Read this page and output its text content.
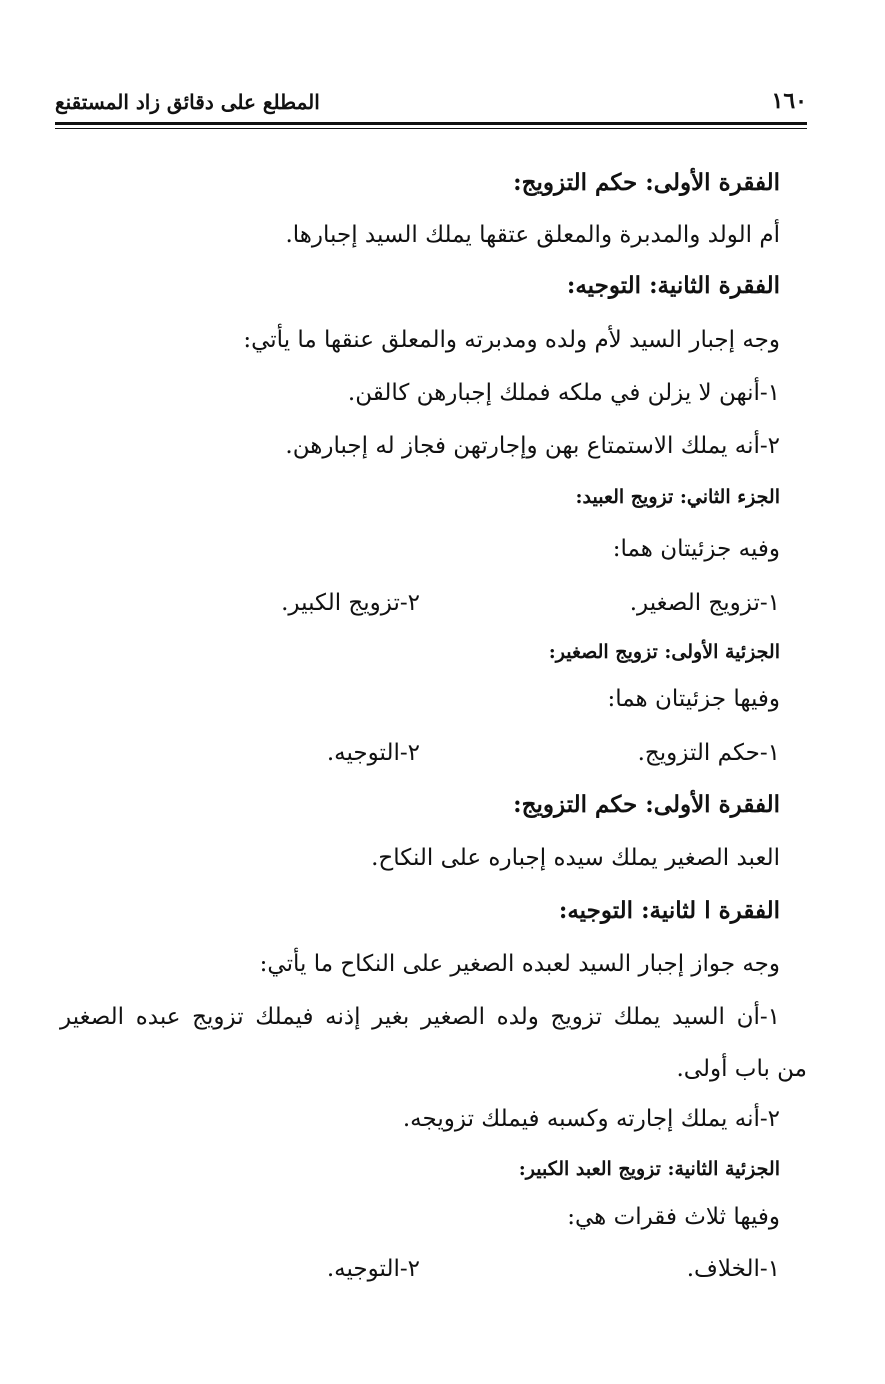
١٦٠
المطلع على دقائق زاد المستقنع
الفقرة الأولى: حكم التزويج:
أم الولد والمدبرة والمعلق عتقها يملك السيد إجبارها.
الفقرة الثانية: التوجيه:
وجه إجبار السيد لأم ولده ومدبرته والمعلق عنقها ما يأتي:
١-أنهن لا يزلن في ملكه فملك إجبارهن كالقن.
٢-أنه يملك الاستمتاع بهن وإجارتهن فجاز له إجبارهن.
الجزء الثاني: تزويج العبيد:
وفيه جزئيتان هما:
١-تزويج الصغير.
٢-تزويج الكبير.
الجزئية الأولى: تزويج الصغير:
وفيها جزئيتان هما:
١-حكم التزويج.
٢-التوجيه.
الفقرة الأولى: حكم التزويج:
العبد الصغير يملك سيده إجباره على النكاح.
الفقرة ا لثانية: التوجيه:
وجه جواز إجبار السيد لعبده الصغير على النكاح ما يأتي:
١-أن السيد يملك تزويج ولده الصغير بغير إذنه فيملك تزويج عبده الصغير
من باب أولى.
٢-أنه يملك إجارته وكسبه فيملك تزويجه.
الجزئية الثانية: تزويج العبد الكبير:
وفيها ثلاث فقرات هي:
١-الخلاف.
٢-التوجيه.
